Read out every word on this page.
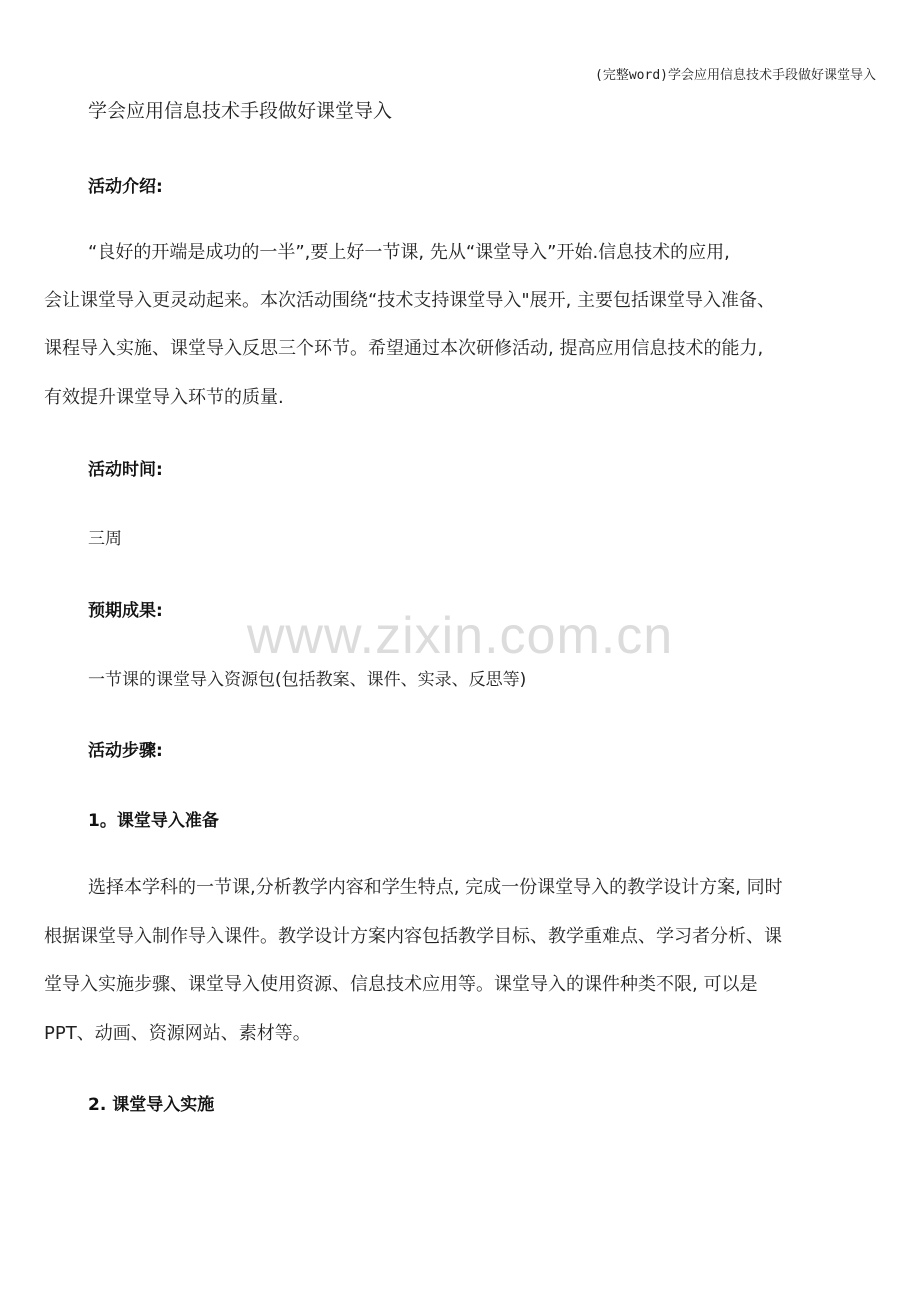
(完整word)学会应用信息技术手段做好课堂导入
www.zixin.com.cn
学会应用信息技术手段做好课堂导入
活动介绍:

“良好的开端是成功的一半”,要上好一节课, 先从“课堂导入”开始.信息技术的应用,

会让课堂导入更灵动起来。本次活动围绕“技术支持课堂导入"展开, 主要包括课堂导入准备、

课程导入实施、课堂导入反思三个环节。希望通过本次研修活动, 提高应用信息技术的能力,

有效提升课堂导入环节的质量.

活动时间:

三周

预期成果:

一节课的课堂导入资源包(包括教案、课件、实录、反思等)

活动步骤:
1。课堂导入准备

选择本学科的一节课,分析教学内容和学生特点, 完成一份课堂导入的教学设计方案, 同时

根据课堂导入制作导入课件。教学设计方案内容包括教学目标、教学重难点、学习者分析、课

堂导入实施步骤、课堂导入使用资源、信息技术应用等。课堂导入的课件种类不限, 可以是

PPT、动画、资源网站、素材等。

2. 课堂导入实施
